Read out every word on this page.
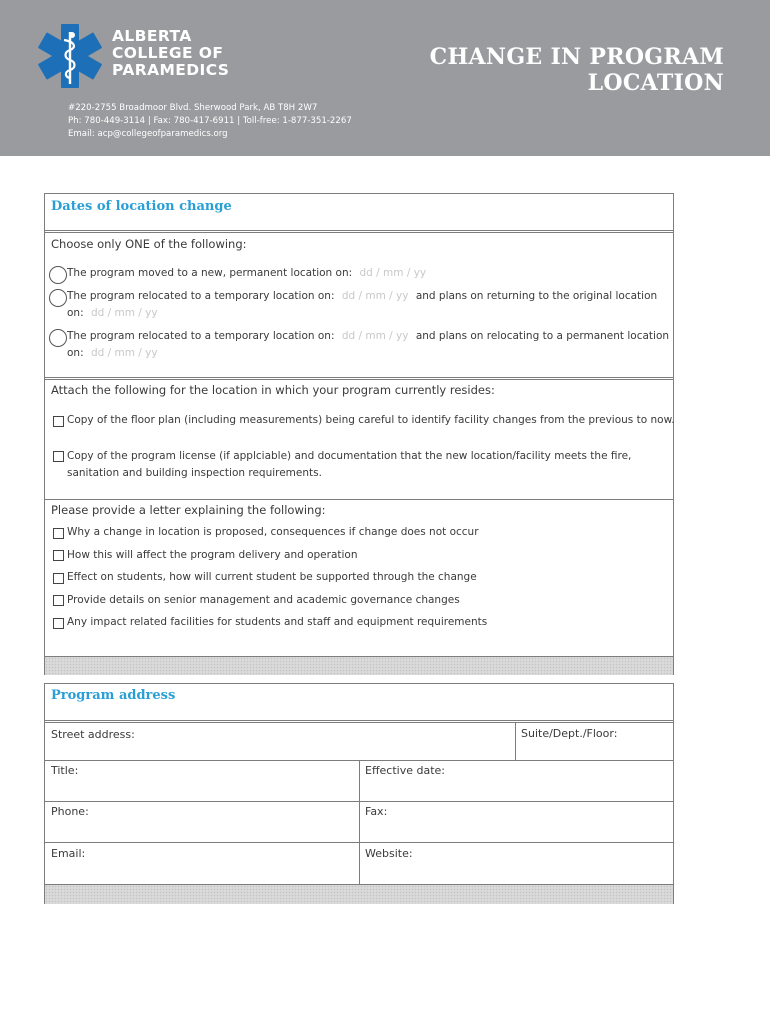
ALBERTA
COLLEGE OF
PARAMEDICS	CHANGE IN PROGRAM
LOCATION
#220-2755 Broadmoor Blvd. Sherwood Park, AB T8H 2W7
Ph: 780-449-3114 | Fax: 780-417-6911 | Toll-free: 1-877-351-2267
Email: acp@collegeofparamedics.org
Dates of location change
Choose only ONE of the following:
The program moved to a new, permanent location on: dd / mm / yy
The program relocated to a temporary location on: dd / mm / yy and plans on returning to the original location
on: dd / mm / yy
The program relocated to a temporary location on: dd / mm / yy and plans on relocating to a permanent location
on: dd / mm / yy
Attach the following for the location in which your program currently resides:
Copy of the floor plan (including measurements) being careful to identify facility changes from the previous to now.
Copy of the program license (if applciable) and documentation that the new location/facility meets the fire,
sanitation and building inspection requirements.
Please provide a letter explaining the following:
Why a change in location is proposed, consequences if change does not occur
How this will affect the program delivery and operation
Effect on students, how will current student be supported through the change
Provide details on senior management and academic governance changes
Any impact related facilities for students and staff and equipment requirements
Program address
Street address:	Suite/Dept./Floor:
Title:	Effective date:
Phone:	Fax:
Email:	Website:
